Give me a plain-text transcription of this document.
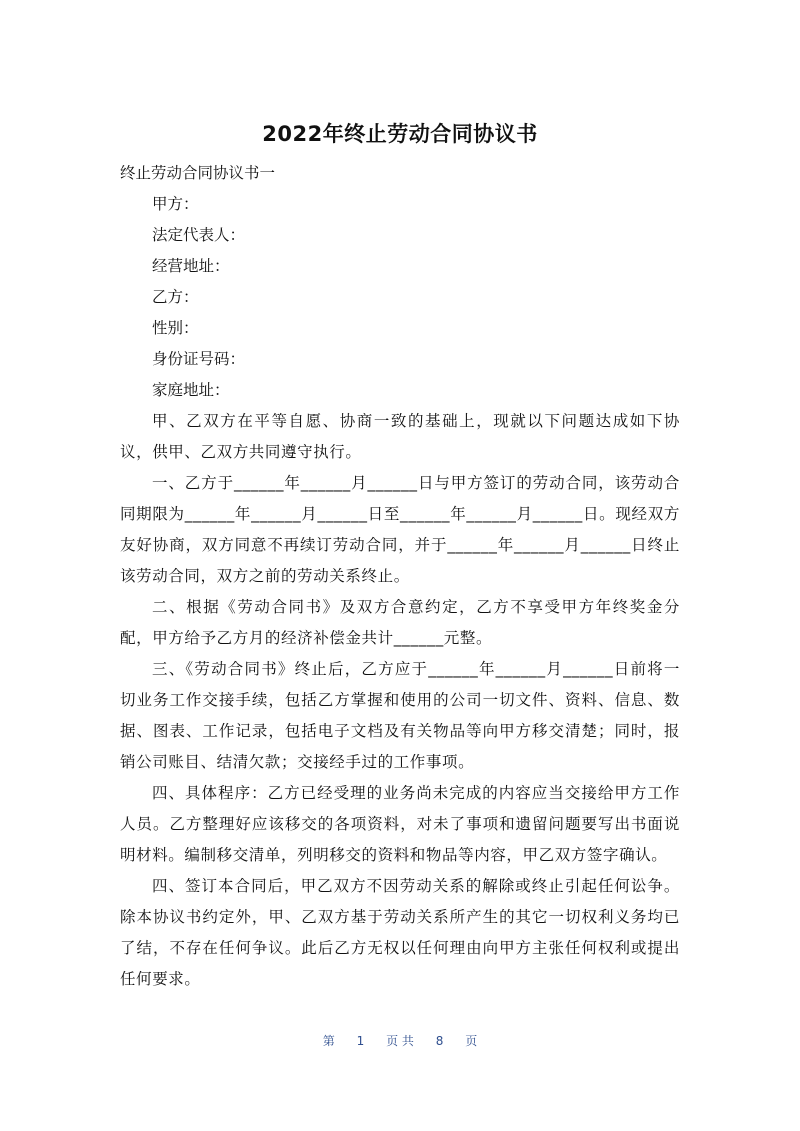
2022年终止劳动合同协议书
终止劳动合同协议书一
甲方：
法定代表人：
经营地址：
乙方：
性别：
身份证号码：
家庭地址：

甲、乙双方在平等自愿、协商一致的基础上，现就以下问题达成如下协议，供甲、乙双方共同遵守执行。

一、乙方于______年______月______日与甲方签订的劳动合同，该劳动合同期限为______年______月______日至______年______月______日。现经双方友好协商，双方同意不再续订劳动合同，并于______年______月______日终止该劳动合同，双方之前的劳动关系终止。

二、根据《劳动合同书》及双方合意约定，乙方不享受甲方年终奖金分配，甲方给予乙方月的经济补偿金共计______元整。

三、《劳动合同书》终止后，乙方应于______年______月______日前将一切业务工作交接手续，包括乙方掌握和使用的公司一切文件、资料、信息、数据、图表、工作记录，包括电子文档及有关物品等向甲方移交清楚；同时，报销公司账目、结清欠款；交接经手过的工作事项。

四、具体程序：乙方已经受理的业务尚未完成的内容应当交接给甲方工作人员。乙方整理好应该移交的各项资料，对未了事项和遗留问题要写出书面说明材料。编制移交清单，列明移交的资料和物品等内容，甲乙双方签字确认。

四、签订本合同后，甲乙双方不因劳动关系的解除或终止引起任何讼争。除本协议书约定外，甲、乙双方基于劳动关系所产生的其它一切权利义务均已了结，不存在任何争议。此后乙方无权以任何理由向甲方主张任何权利或提出任何要求。

第 1 页 共 8 页
